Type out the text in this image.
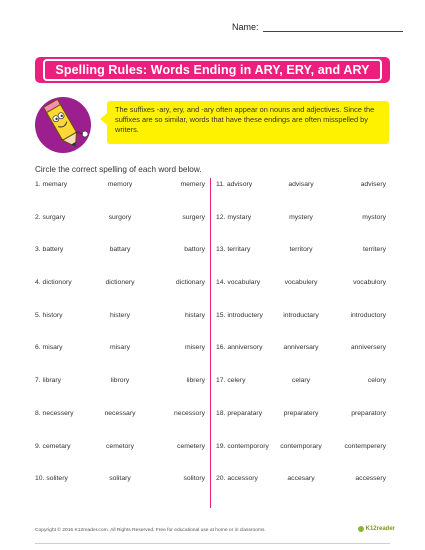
Name:
Spelling Rules: Words Ending in ARY, ERY, and ARY
The suffixes -ary, ery, and -ary often appear on nouns and adjectives. Since the suffixes are so similar, words that have these endings are often misspelled by writers.
Circle the correct spelling of each word below.
1. memary	memory	memery
2. surgary	surgory	surgery
3. battery	battary	battory
4. dictionory	dictionery	dictionary
5. history	histery	histary
6. misary	misary	misery
7. library	librory	librery
8. necessery	necessary	necessory
9. cemetary	cemetory	cemetery
10. solitery	solitary	solitory
11. advisory	advisary	advisery
12. mystary	mystery	mystory
13. territary	territory	territery
14. vocabulary	vocabulery	vocabulory
15. introductery	introductary	introductory
16. anniversory	anniversary	anniversery
17. celery	celary	celory
18. preparatary	preparatery	preparatory
19. contemporory	contemporary	contemperery
20. accessory	accesary	accessery
Copyright © 2016 K12reader.com. All Rights Reserved. Free for educational use at home or in classrooms.	K12reader
